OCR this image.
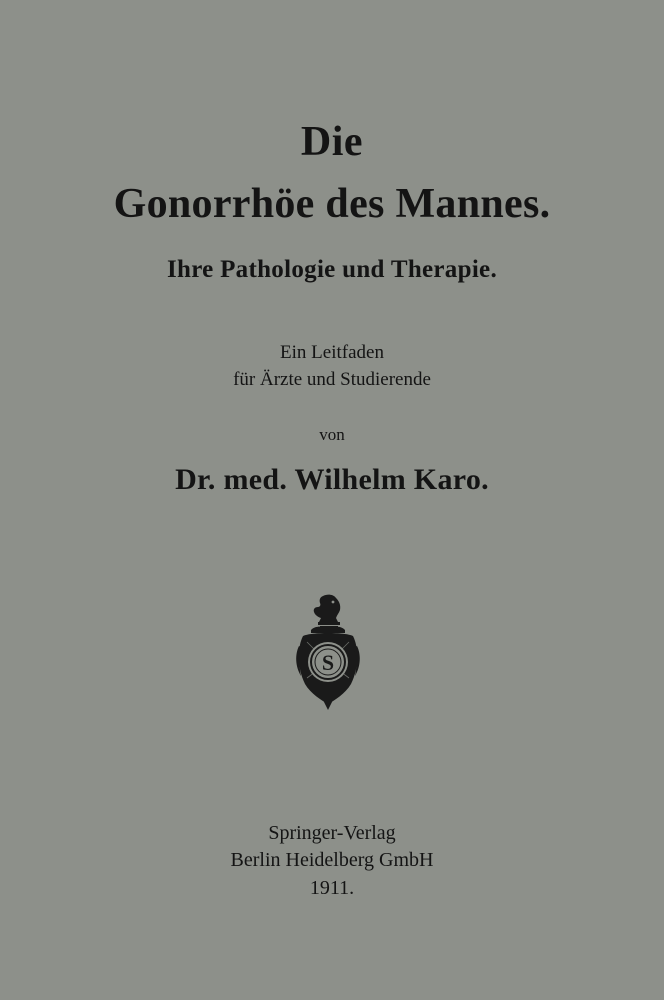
Die
Gonorrhöe des Mannes.
Ihre Pathologie und Therapie.
Ein Leitfaden
für Ärzte und Studierende
von
Dr. med. Wilhelm Karo.
S
Springer-Verlag
Berlin Heidelberg GmbH
1911.
